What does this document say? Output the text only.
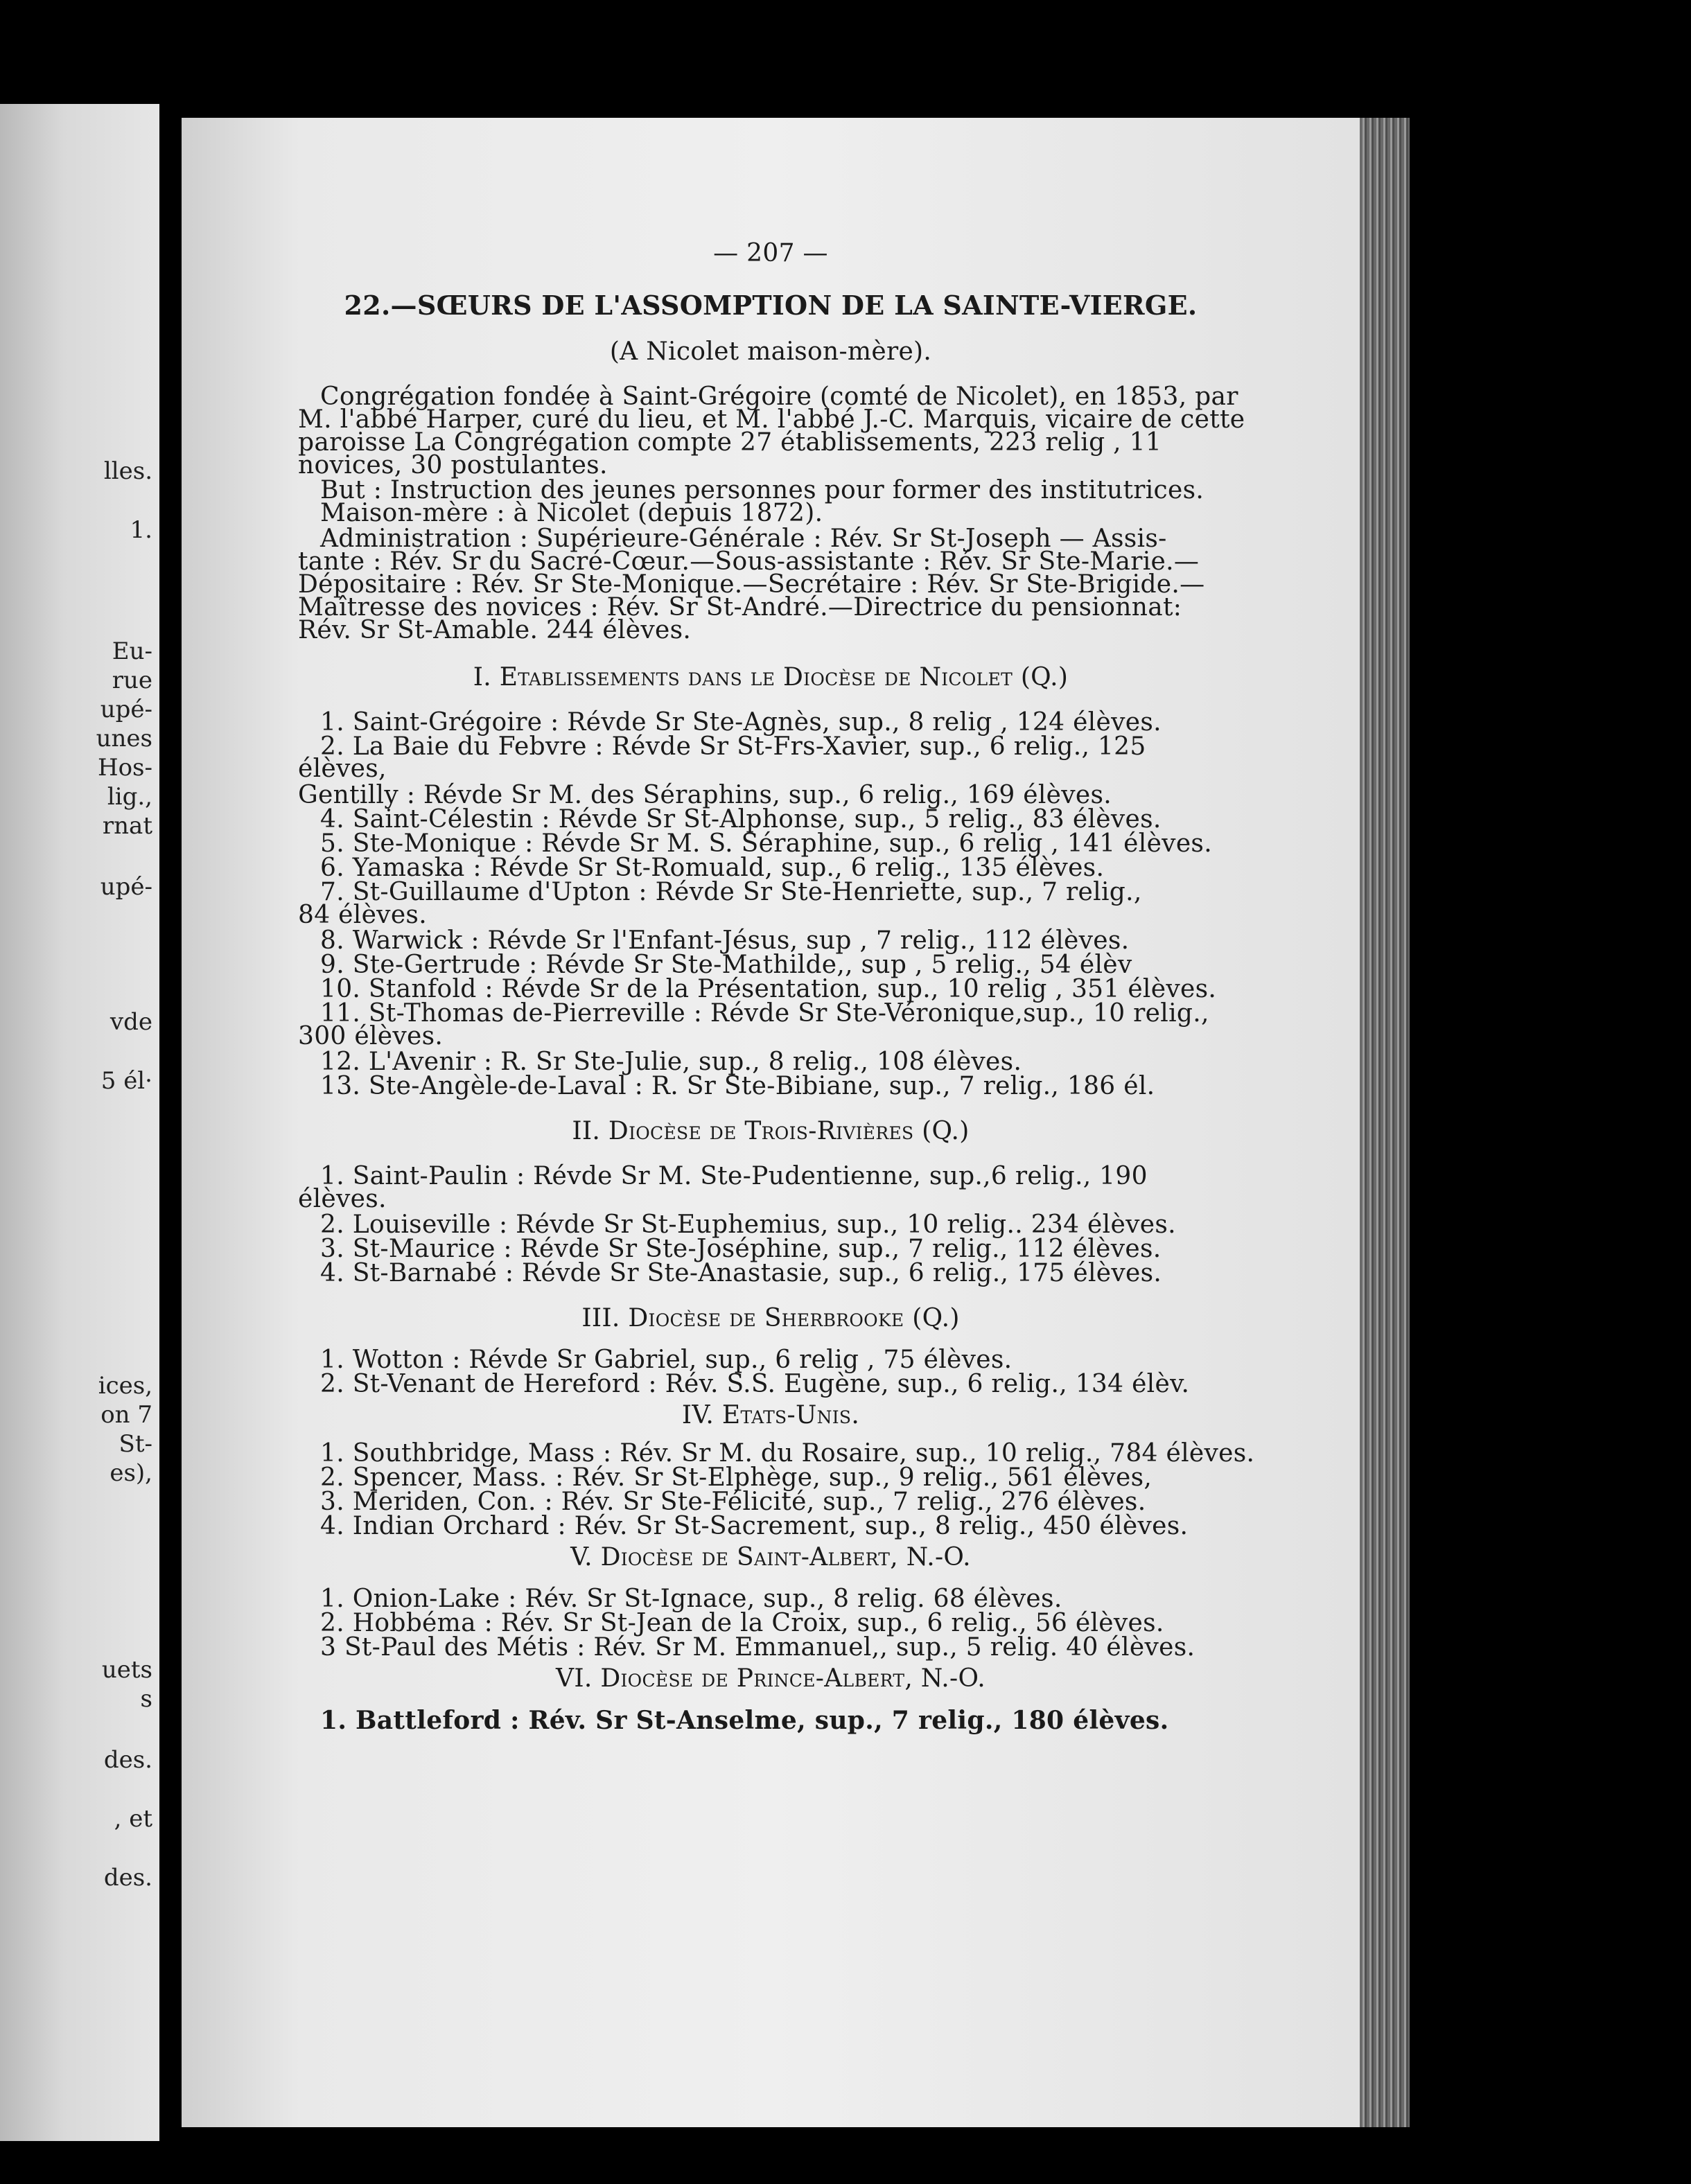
lles.
1.
Eu-
rue
upé-
unes
Hos-
lig.,
rnat
upé-
vde
5 él·
ices,
on 7
St-
es),
uets
s
des.
, et
des.
— 207 —
22.—SŒURS DE L'ASSOMPTION DE LA SAINTE-VIERGE.
(A Nicolet maison-mère).
Congrégation fondée à Saint-Grégoire (comté de Nicolet), en 1853, par
M. l'abbé Harper, curé du lieu, et M. l'abbé J.-C. Marquis, vicaire de cette
paroisse La Congrégation compte 27 établissements, 223 relig , 11
novices, 30 postulantes.
But : Instruction des jeunes personnes pour former des institutrices.
Maison-mère : à Nicolet (depuis 1872).
Administration : Supérieure-Générale : Rév. Sr St-Joseph — Assis-
tante : Rév. Sr du Sacré-Cœur.—Sous-assistante : Rév. Sr Ste-Marie.—
Dépositaire : Rév. Sr Ste-Monique.—Secrétaire : Rév. Sr Ste-Brigide.—
Maîtresse des novices : Rév. Sr St-André.—Directrice du pensionnat:
Rév. Sr St-Amable. 244 élèves.
I. Etablissements dans le Diocèse de Nicolet (Q.)
1. Saint-Grégoire : Révde Sr Ste-Agnès, sup., 8 relig , 124 élèves.
2. La Baie du Febvre : Révde Sr St-Frs-Xavier, sup., 6 relig., 125
élèves,
Gentilly : Révde Sr M. des Séraphins, sup., 6 relig., 169 élèves.
4. Saint-Célestin : Révde Sr St-Alphonse, sup., 5 relig., 83 élèves.
5. Ste-Monique : Révde Sr M. S. Séraphine, sup., 6 relig , 141 élèves.
6. Yamaska : Révde Sr St-Romuald, sup., 6 relig., 135 élèves.
7. St-Guillaume d'Upton : Révde Sr Ste-Henriette, sup., 7 relig.,
84 élèves.
8. Warwick : Révde Sr l'Enfant-Jésus, sup , 7 relig., 112 élèves.
9. Ste-Gertrude : Révde Sr Ste-Mathilde,, sup , 5 relig., 54 élèv
10. Stanfold : Révde Sr de la Présentation, sup., 10 relig , 351 élèves.
11. St-Thomas de-Pierreville : Révde Sr Ste-Véronique,sup., 10 relig.,
300 élèves.
12. L'Avenir : R. Sr Ste-Julie, sup., 8 relig., 108 élèves.
13. Ste-Angèle-de-Laval : R. Sr Ste-Bibiane, sup., 7 relig., 186 él.
II. Diocèse de Trois-Rivières (Q.)
1. Saint-Paulin : Révde Sr M. Ste-Pudentienne, sup.,6 relig., 190
élèves.
2. Louiseville : Révde Sr St-Euphemius, sup., 10 relig.. 234 élèves.
3. St-Maurice : Révde Sr Ste-Joséphine, sup., 7 relig., 112 élèves.
4. St-Barnabé : Révde Sr Ste-Anastasie, sup., 6 relig., 175 élèves.
III. Diocèse de Sherbrooke (Q.)
1. Wotton : Révde Sr Gabriel, sup., 6 relig , 75 élèves.
2. St-Venant de Hereford : Rév. S.S. Eugène, sup., 6 relig., 134 élèv.
IV. Etats-Unis.
1. Southbridge, Mass : Rév. Sr M. du Rosaire, sup., 10 relig., 784 élèves.
2. Spencer, Mass. : Rév. Sr St-Elphège, sup., 9 relig., 561 élèves,
3. Meriden, Con. : Rév. Sr Ste-Félicité, sup., 7 relig., 276 élèves.
4. Indian Orchard : Rév. Sr St-Sacrement, sup., 8 relig., 450 élèves.
V. Diocèse de Saint-Albert, N.-O.
1. Onion-Lake : Rév. Sr St-Ignace, sup., 8 relig. 68 élèves.
2. Hobbéma : Rév. Sr St-Jean de la Croix, sup., 6 relig., 56 élèves.
3 St-Paul des Métis : Rév. Sr M. Emmanuel,, sup., 5 relig. 40 élèves.
VI. Diocèse de Prince-Albert, N.-O.
1. Battleford : Rév. Sr St-Anselme, sup., 7 relig., 180 élèves.
